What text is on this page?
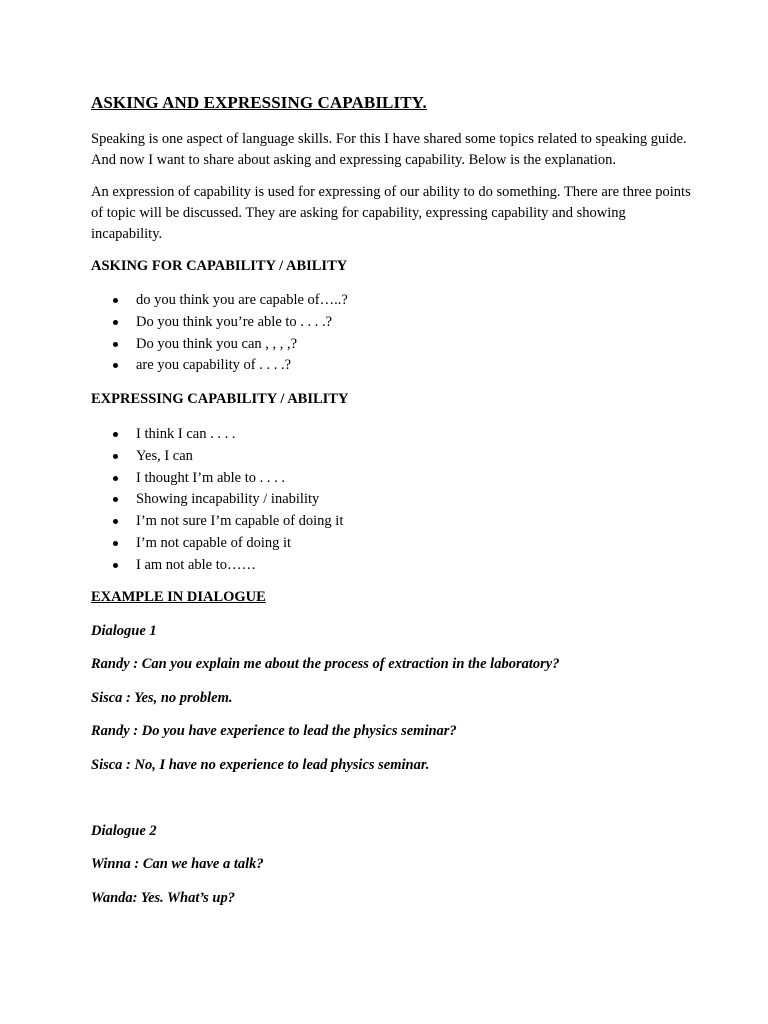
ASKING AND EXPRESSING CAPABILITY.

Speaking is one aspect of language skills. For this I have shared some topics related to speaking guide. And now I want to share about asking and expressing capability. Below is the explanation.

An expression of capability is used for expressing of our ability to do something. There are three points of topic will be discussed. They are asking for capability, expressing capability and showing incapability.

ASKING FOR CAPABILITY / ABILITY
do you think you are capable of…..?
Do you think you’re able to . . . .?
Do you think you can , , , ,?
are you capability of . . . .?
EXPRESSING CAPABILITY / ABILITY
I think I can . . . .
Yes, I can
I thought I’m able to . . . .
Showing incapability / inability
I’m not sure I’m capable of doing it
I’m not capable of doing it
I am not able to……
EXAMPLE IN DIALOGUE
Dialogue 1
Randy : Can you explain me about the process of extraction in the laboratory?
Sisca : Yes, no problem.
Randy : Do you have experience to lead the physics seminar?
Sisca : No, I have no experience to lead physics seminar.
Dialogue 2
Winna : Can we have a talk?
Wanda: Yes. What’s up?
